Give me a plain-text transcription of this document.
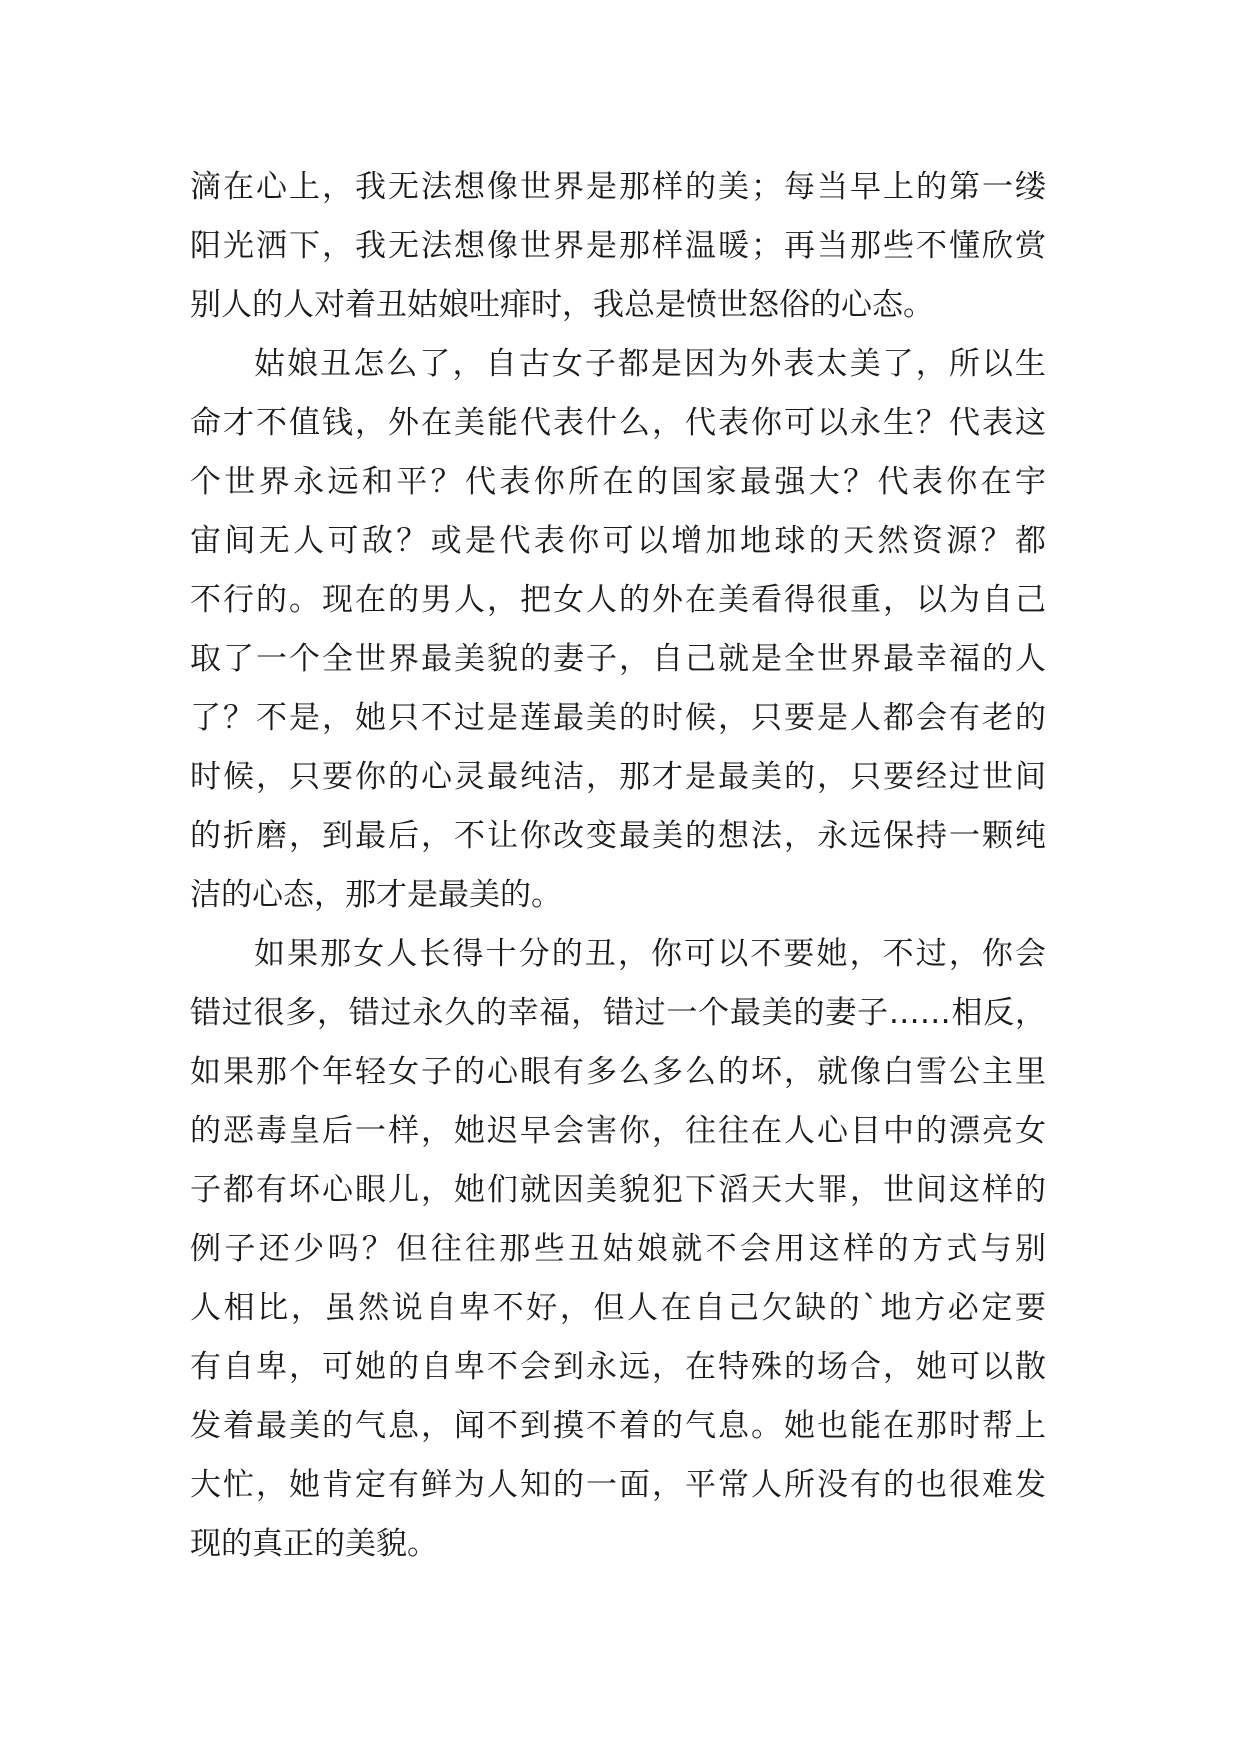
滴在心上，我无法想像世界是那样的美；每当早上的第一缕
阳光洒下，我无法想像世界是那样温暖；再当那些不懂欣赏
别人的人对着丑姑娘吐痱时，我总是愤世怒俗的心态。
姑娘丑怎么了，自古女子都是因为外表太美了，所以生
命才不值钱，外在美能代表什么，代表你可以永生？代表这
个世界永远和平？代表你所在的国家最强大？代表你在宇
宙间无人可敌？或是代表你可以增加地球的天然资源？都
不行的。现在的男人，把女人的外在美看得很重，以为自己
取了一个全世界最美貌的妻子，自己就是全世界最幸福的人
了？不是，她只不过是莲最美的时候，只要是人都会有老的
时候，只要你的心灵最纯洁，那才是最美的，只要经过世间
的折磨，到最后，不让你改变最美的想法，永远保持一颗纯
洁的心态，那才是最美的。
如果那女人长得十分的丑，你可以不要她，不过，你会
错过很多，错过永久的幸福，错过一个最美的妻子……相反，
如果那个年轻女子的心眼有多么多么的坏，就像白雪公主里
的恶毒皇后一样，她迟早会害你，往往在人心目中的漂亮女
子都有坏心眼儿，她们就因美貌犯下滔天大罪，世间这样的
例子还少吗？但往往那些丑姑娘就不会用这样的方式与别
人相比，虽然说自卑不好，但人在自己欠缺的`地方必定要
有自卑，可她的自卑不会到永远，在特殊的场合，她可以散
发着最美的气息，闻不到摸不着的气息。她也能在那时帮上
大忙，她肯定有鲜为人知的一面，平常人所没有的也很难发
现的真正的美貌。
